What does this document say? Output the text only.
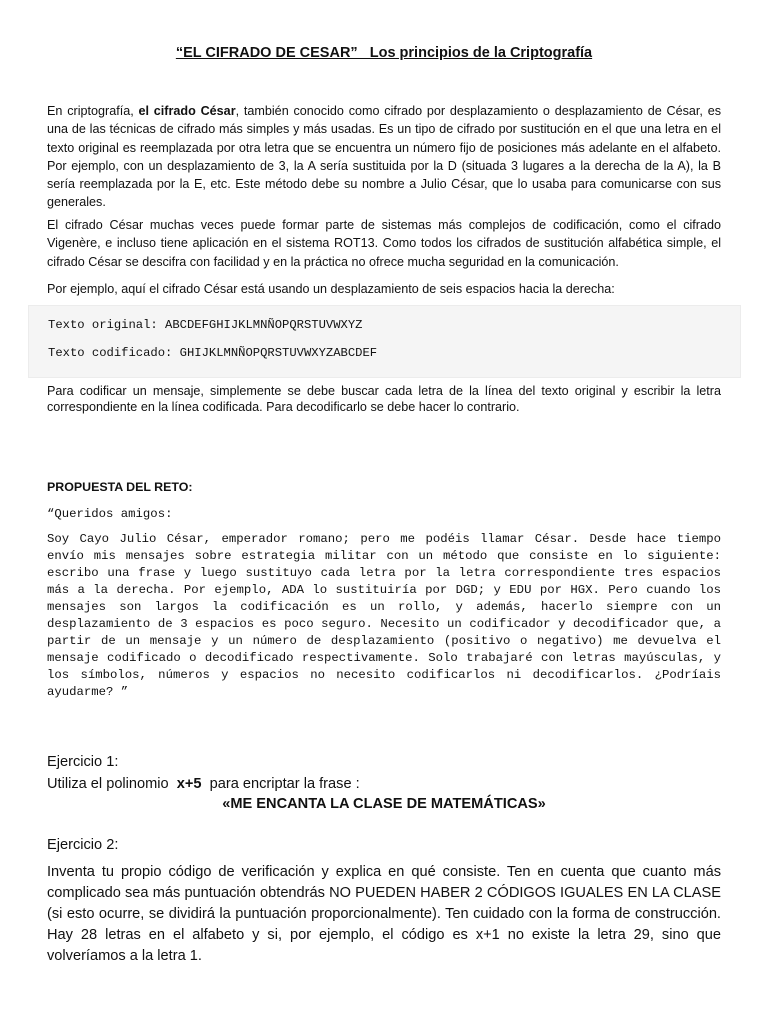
“EL CIFRADO DE CESAR”   Los principios de la Criptografía
En criptografía, el cifrado César, también conocido como cifrado por desplazamiento o desplazamiento de César, es una de las técnicas de cifrado más simples y más usadas. Es un tipo de cifrado por sustitución en el que una letra en el texto original es reemplazada por otra letra que se encuentra un número fijo de posiciones más adelante en el alfabeto. Por ejemplo, con un desplazamiento de 3, la A sería sustituida por la D (situada 3 lugares a la derecha de la A), la B sería reemplazada por la E, etc. Este método debe su nombre a Julio César, que lo usaba para comunicarse con sus generales.
El cifrado César muchas veces puede formar parte de sistemas más complejos de codificación, como el cifrado Vigenère, e incluso tiene aplicación en el sistema ROT13. Como todos los cifrados de sustitución alfabética simple, el cifrado César se descifra con facilidad y en la práctica no ofrece mucha seguridad en la comunicación.
Por ejemplo, aquí el cifrado César está usando un desplazamiento de seis espacios hacia la derecha:
Texto original: ABCDEFGHIJKLMNÑOPQRSTUVWXYZ
Texto codificado: GHIJKLMNÑOPQRSTUVWXYZABCDEF
Para codificar un mensaje, simplemente se debe buscar cada letra de la línea del texto original y escribir la letra correspondiente en la línea codificada. Para decodificarlo se debe hacer lo contrario.
PROPUESTA DEL RETO:
“Queridos amigos:
Soy Cayo Julio César, emperador romano; pero me podéis llamar César. Desde hace tiempo envío mis mensajes sobre estrategia militar con un método que consiste en lo siguiente: escribo una frase y luego sustituyo cada letra por la letra correspondiente tres espacios más a la derecha. Por ejemplo, ADA lo sustituiría por DGD; y EDU por HGX. Pero cuando los mensajes son largos la codificación es un rollo, y además, hacerlo siempre con un desplazamiento de 3 espacios es poco seguro. Necesito un codificador y decodificador que, a partir de un mensaje y un número de desplazamiento (positivo o negativo) me devuelva el mensaje codificado o decodificado respectivamente. Solo trabajaré con letras mayúsculas, y los símbolos, números y espacios no necesito codificarlos ni decodificarlos. ¿Podríais ayudarme? ”
Ejercicio 1:
Utiliza el polinomio x+5  para encriptar la frase :
«ME ENCANTA LA CLASE DE MATEMÁTICAS»
Ejercicio 2:
Inventa tu propio código de verificación y explica en qué consiste. Ten en cuenta que cuanto más complicado sea más puntuación obtendrás NO PUEDEN HABER 2 CÓDIGOS IGUALES EN LA CLASE (si esto ocurre, se dividirá la puntuación proporcionalmente). Ten cuidado con la forma de construcción. Hay 28 letras en el alfabeto y si, por ejemplo, el código es x+1 no existe la letra 29, sino que volveríamos a la letra 1.
